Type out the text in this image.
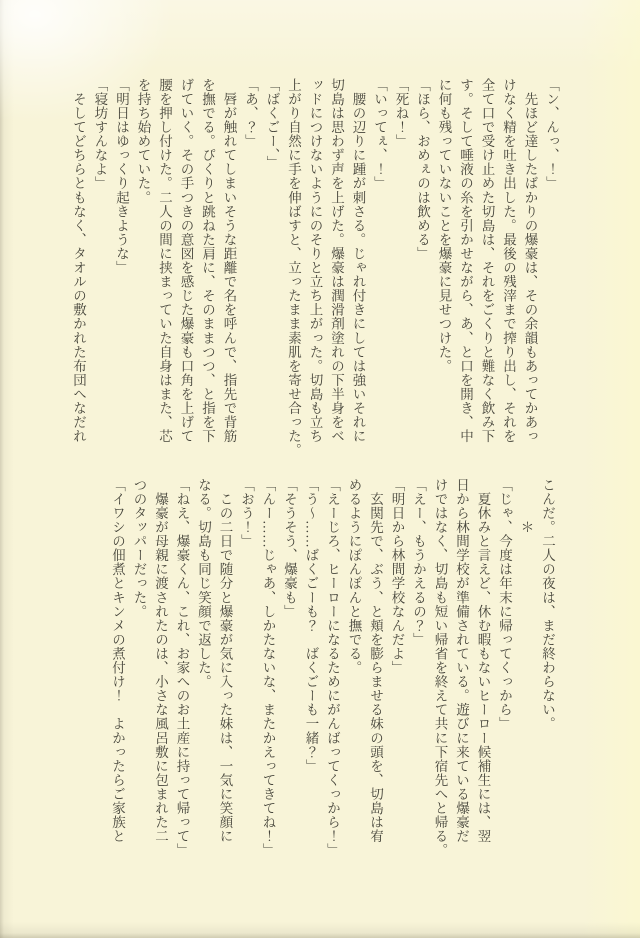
「ン、んっ、！」

　先ほど達したばかりの爆豪は、その余韻もあってかあっ

けなく精を吐き出した。最後の残滓まで搾り出し、それを

全て口で受け止めた切島は、それをごくりと難なく飲み下

す。そして唾液の糸を引かせながら、あ、と口を開き、中

に何も残っていないことを爆豪に見せつけた。

「ほら、おめぇのは飲める」

「死ね！」

「いってぇ、！」

　腰の辺りに踵が刺さる。じゃれ付きにしては強いそれに

切島は思わず声を上げた。爆豪は潤滑剤塗れの下半身をベ

ッドにつけないようにのそりと立ち上がった。切島も立ち

上がり自然に手を伸ばすと、立ったまま素肌を寄せ合った。

「ばくごー、」

「あ、？」

　唇が触れてしまいそうな距離で名を呼んで、指先で背筋

を撫でる。ぴくりと跳ねた肩に、そのままつつ、と指を下

げていく。その手つきの意図を感じた爆豪も口角を上げて

腰を押し付けた。二人の間に挟まっていた自身はまた、芯

を持ち始めていた。

「明日はゆっくり起きような」

「寝坊すんなよ」

　そしてどちらともなく、タオルの敷かれた布団へなだれ

こんだ。二人の夜は、まだ終わらない。

　　　＊

「じゃ、今度は年末に帰ってくっから」

　夏休みと言えど、休む暇もないヒーロー候補生には、翌

日から林間学校が準備されている。遊びに来ている爆豪だ

けではなく、切島も短い帰省を終えて共に下宿先へと帰る。

「えー、もうかえるの？」

「明日から林間学校なんだよ」

　玄関先で、ぶう、と頬を膨らませる妹の頭を、切島は宥

めるようにぽんぽんと撫でる。

「えーじろ、ヒーローになるためにがんばってくっから！」

「う〜……ばくごーも？　ばくごーも一緒？」

「そうそう、爆豪も」

「んー……じゃあ、しかたないな、またかえってきてね！」

「おう！」

　この二日で随分と爆豪が気に入った妹は、一気に笑顔に

なる。切島も同じ笑顔で返した。

「ねえ、爆豪くん、これ、お家へのお土産に持って帰って」

　爆豪が母親に渡されたのは、小さな風呂敷に包まれた二

つのタッパーだった。

「イワシの佃煮とキンメの煮付け！　よかったらご家族と
